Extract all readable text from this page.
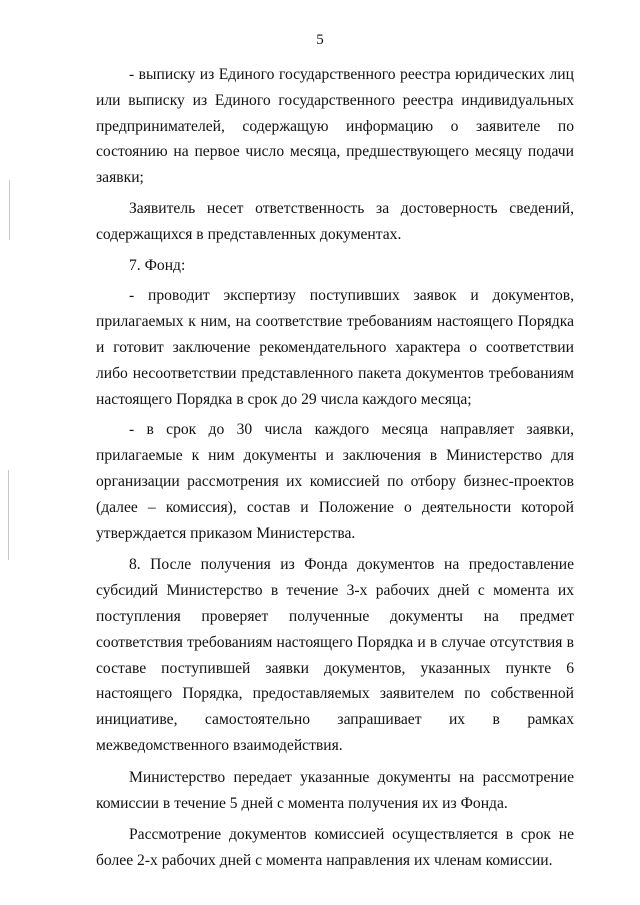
5

- выписку из Единого государственного реестра юридических лиц или выписку из Единого государственного реестра индивидуальных предпринимателей, содержащую информацию о заявителе по состоянию на первое число месяца, предшествующего месяцу подачи заявки;

Заявитель несет ответственность за достоверность сведений, содержащихся в представленных документах.

7. Фонд:

- проводит экспертизу поступивших заявок и документов, прилагаемых к ним, на соответствие требованиям настоящего Порядка и готовит заключение рекомендательного характера о соответствии либо несоответствии представленного пакета документов требованиям настоящего Порядка в срок до 29 числа каждого месяца;

- в срок до 30 числа каждого месяца направляет заявки, прилагаемые к ним документы и заключения в Министерство для организации рассмотрения их комиссией по отбору бизнес-проектов (далее – комиссия), состав и Положение о деятельности которой утверждается приказом Министерства.

8. После получения из Фонда документов на предоставление субсидий Министерство в течение 3-х рабочих дней с момента их поступления проверяет полученные документы на предмет соответствия требованиям настоящего Порядка и в случае отсутствия в составе поступившей заявки документов, указанных пункте 6 настоящего Порядка, предоставляемых заявителем по собственной инициативе, самостоятельно запрашивает их в рамках межведомственного взаимодействия.

Министерство передает указанные документы на рассмотрение комиссии в течение 5 дней с момента получения их из Фонда.

Рассмотрение документов комиссией осуществляется в срок не более 2-х рабочих дней с момента направления их членам комиссии.
